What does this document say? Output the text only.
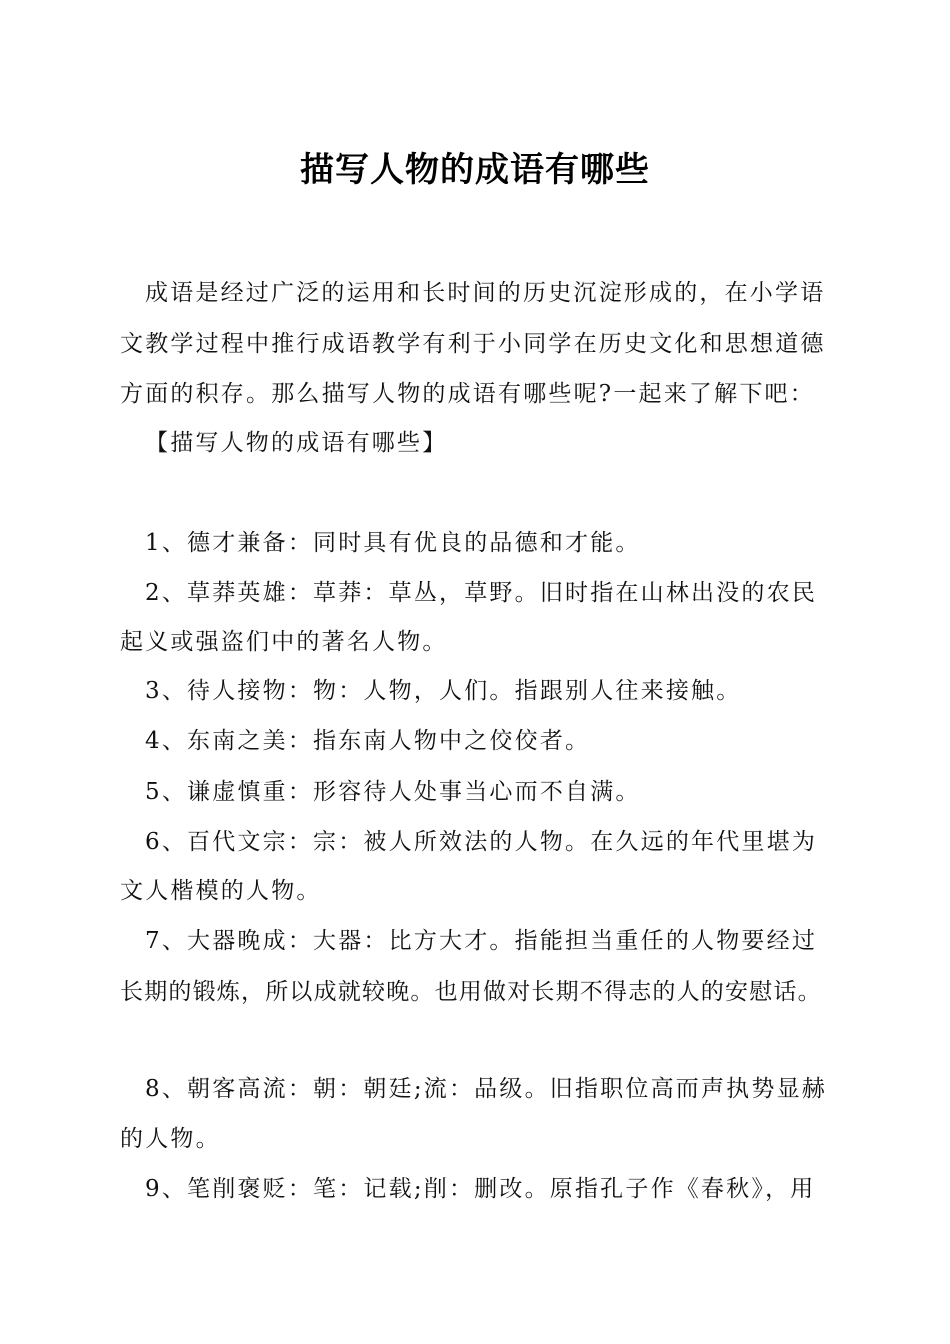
描写人物的成语有哪些
成语是经过广泛的运用和长时间的历史沉淀形成的，在小学语
文教学过程中推行成语教学有利于小同学在历史文化和思想道德
方面的积存。那么描写人物的成语有哪些呢?一起来了解下吧：
【描写人物的成语有哪些】
1、德才兼备：同时具有优良的品德和才能。
2、草莽英雄：草莽：草丛，草野。旧时指在山林出没的农民
起义或强盗们中的著名人物。
3、待人接物：物：人物，人们。指跟别人往来接触。
4、东南之美：指东南人物中之佼佼者。
5、谦虚慎重：形容待人处事当心而不自满。
6、百代文宗：宗：被人所效法的人物。在久远的年代里堪为
文人楷模的人物。
7、大器晚成：大器：比方大才。指能担当重任的人物要经过
长期的锻炼，所以成就较晚。也用做对长期不得志的人的安慰话。
8、朝客高流：朝：朝廷;流：品级。旧指职位高而声执势显赫
的人物。
9、笔削褒贬：笔：记载;削：删改。原指孔子作《春秋》，用
